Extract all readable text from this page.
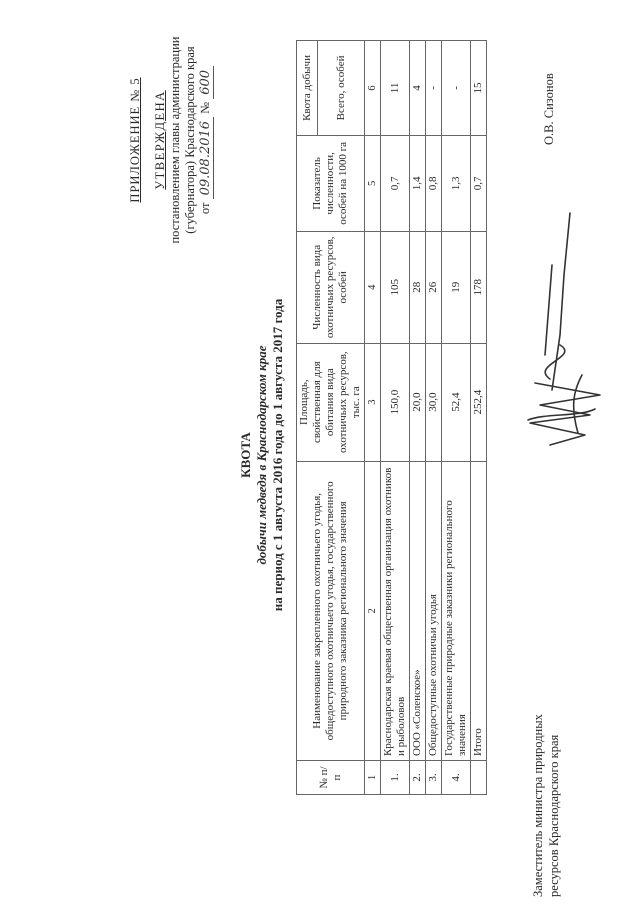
ПРИЛОЖЕНИЕ № 5 УТВЕРЖДЕНА постановлением главы администрации (губернатора) Краснодарского края от 09.08.2016 № 600
КВОТА добычи медведя в Краснодарском крае на период с 1 августа 2016 года до 1 августа 2017 года
№ п/п	Наименование закрепленного охотничьего угодья, общедоступного охотничьего угодья, государственного природного заказника регионального значения	Площадь, свойственная для обитания вида охотничьих ресурсов, тыс. га	Численность вида охотничьих ресурсов, особей	Показатель численности, особей на 1000 га	Квота добычи
					Всего, особей
1	2	3	4	5	6
1.	Краснодарская краевая общественная организация охотников и рыболовов	150,0	105	0,7	11
2.	ООО «Соленское»	20,0	28	1,4	4
3.	Общедоступные охотничьи угодья	30,0	26	0,8	-
4.	Государственные природные заказники регионального значения	52,4	19	1,3	-
	Итого	252,4	178	0,7	15
Заместитель министра природных ресурсов Краснодарского края
О.В. Сизонов
